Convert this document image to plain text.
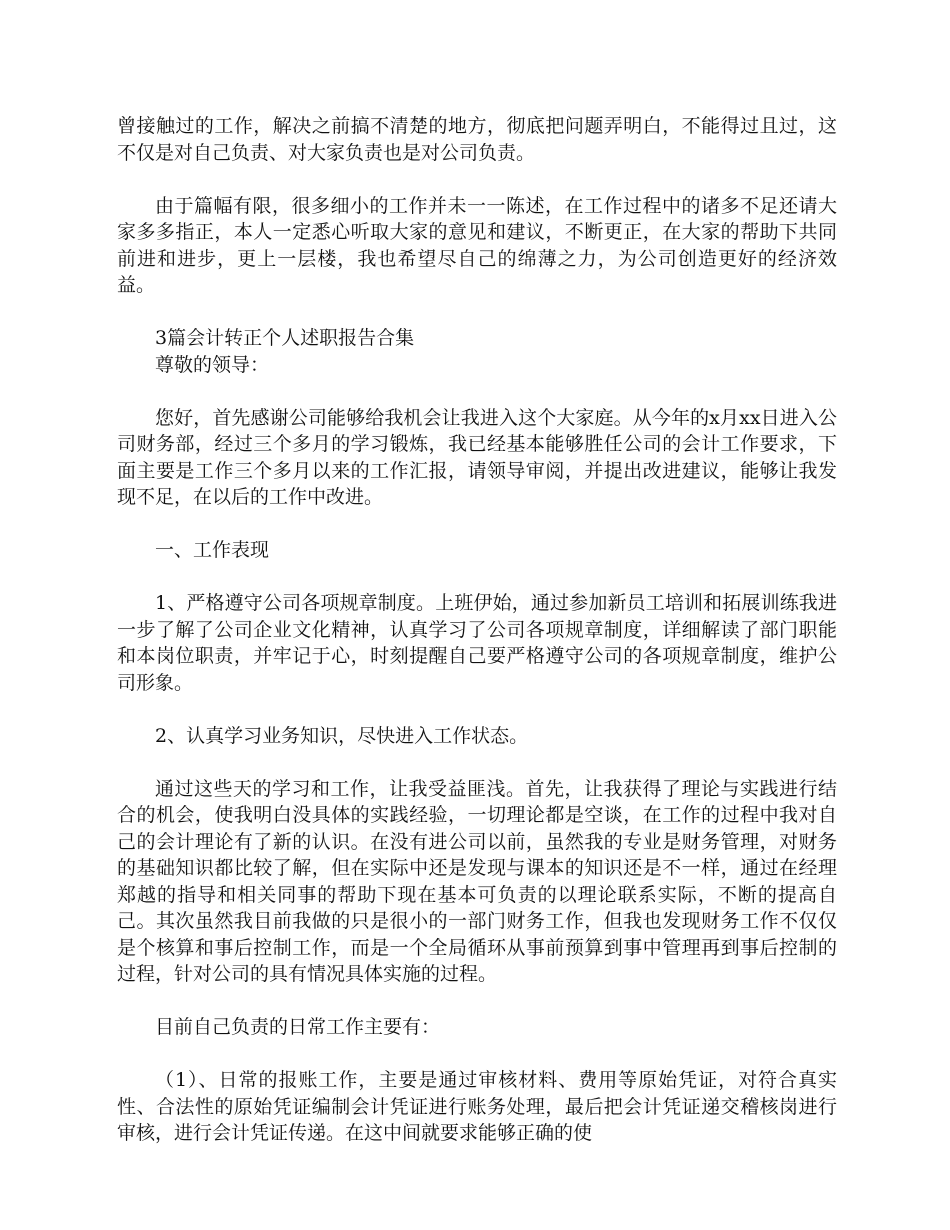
曾接触过的工作，解决之前搞不清楚的地方，彻底把问题弄明白，不能得过且过，这不仅是对自己负责、对大家负责也是对公司负责。

由于篇幅有限，很多细小的工作并未一一陈述，在工作过程中的诸多不足还请大家多多指正，本人一定悉心听取大家的意见和建议，不断更正，在大家的帮助下共同前进和进步，更上一层楼，我也希望尽自己的绵薄之力，为公司创造更好的经济效益。

3篇会计转正个人述职报告合集

尊敬的领导：

您好，首先感谢公司能够给我机会让我进入这个大家庭。从今年的x月xx日进入公司财务部，经过三个多月的学习锻炼，我已经基本能够胜任公司的会计工作要求，下面主要是工作三个多月以来的工作汇报，请领导审阅，并提出改进建议，能够让我发现不足，在以后的工作中改进。

一、工作表现

1、严格遵守公司各项规章制度。上班伊始，通过参加新员工培训和拓展训练我进一步了解了公司企业文化精神，认真学习了公司各项规章制度，详细解读了部门职能和本岗位职责，并牢记于心，时刻提醒自己要严格遵守公司的各项规章制度，维护公司形象。

2、认真学习业务知识，尽快进入工作状态。

通过这些天的学习和工作，让我受益匪浅。首先，让我获得了理论与实践进行结合的机会，使我明白没具体的实践经验，一切理论都是空谈，在工作的过程中我对自己的会计理论有了新的认识。在没有进公司以前，虽然我的专业是财务管理，对财务的基础知识都比较了解，但在实际中还是发现与课本的知识还是不一样，通过在经理郑越的指导和相关同事的帮助下现在基本可负责的以理论联系实际，不断的提高自己。其次虽然我目前我做的只是很小的一部门财务工作，但我也发现财务工作不仅仅是个核算和事后控制工作，而是一个全局循环从事前预算到事中管理再到事后控制的过程，针对公司的具有情况具体实施的过程。

目前自己负责的日常工作主要有：

（1）、日常的报账工作，主要是通过审核材料、费用等原始凭证，对符合真实性、合法性的原始凭证编制会计凭证进行账务处理，最后把会计凭证递交稽核岗进行审核，进行会计凭证传递。在这中间就要求能够正确的使
